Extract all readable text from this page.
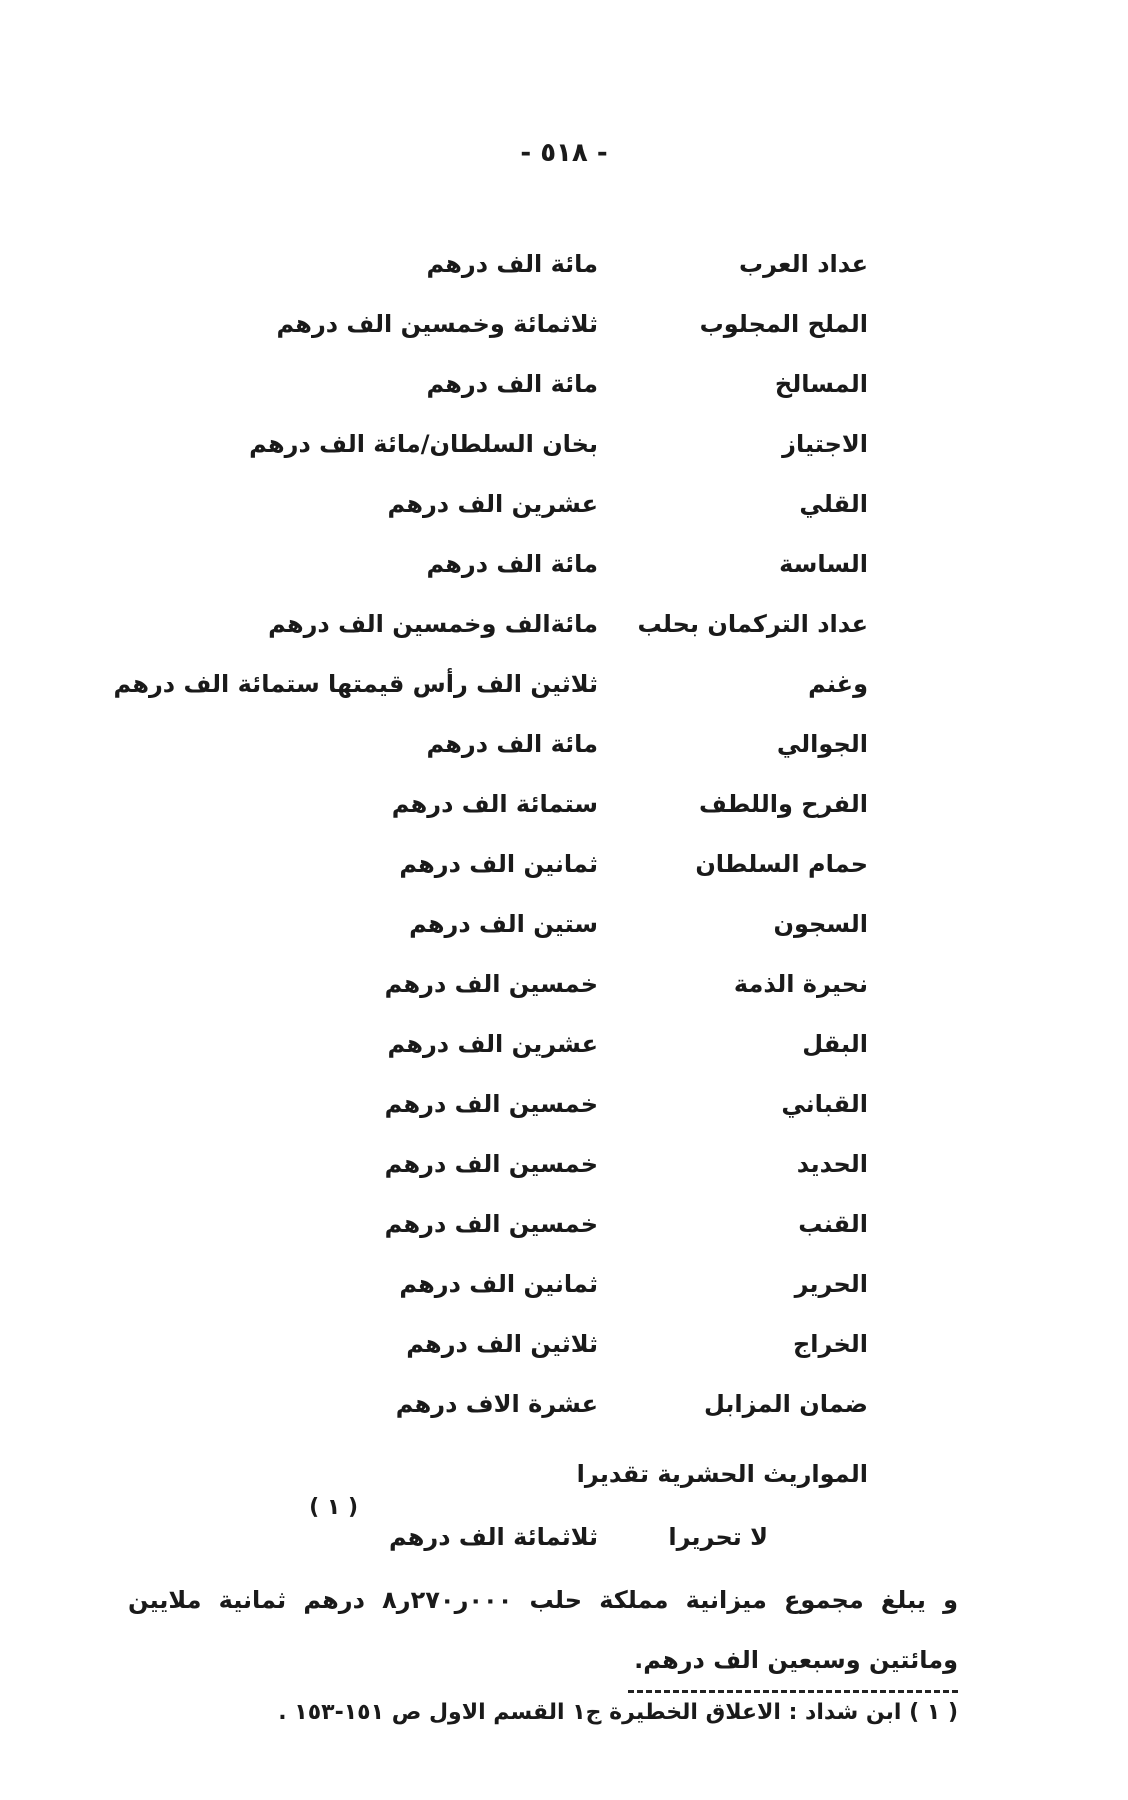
- ٥١٨ -
عداد العرب
مائة الف درهم
الملح المجلوب
ثلاثمائة وخمسين الف درهم
المسالخ
مائة الف درهم
الاجتياز
بخان السلطان/مائة الف درهم
القلي
عشرين الف درهم
الساسة
مائة الف درهم
عداد التركمان بحلب
مائةالف وخمسين الف درهم
وغنم
ثلاثين الف رأس قيمتها ستمائة الف درهم
الجوالي
مائة الف درهم
الفرح واللطف
ستمائة الف درهم
حمام السلطان
ثمانين الف درهم
السجون
ستين الف درهم
نحيرة الذمة
خمسين الف درهم
البقل
عشرين الف درهم
القباني
خمسين الف درهم
الحديد
خمسين الف درهم
القنب
خمسين الف درهم
الحرير
ثمانين الف درهم
الخراج
ثلاثين الف درهم
ضمان المزابل
عشرة الاف درهم
المواريث الحشرية تقديرا
لا تحريرا
ثلاثمائة الف درهم
( ١ )
و يبلغ مجموع ميزانية مملكة حلب ٠٠٠ر٢٧٠ر٨ درهم ثمانية ملايين ومائتين وسبعين الف درهم.
( ١ ) ابن شداد : الاعلاق الخطيرة ج١ القسم الاول ص ١٥١-١٥٣ .
